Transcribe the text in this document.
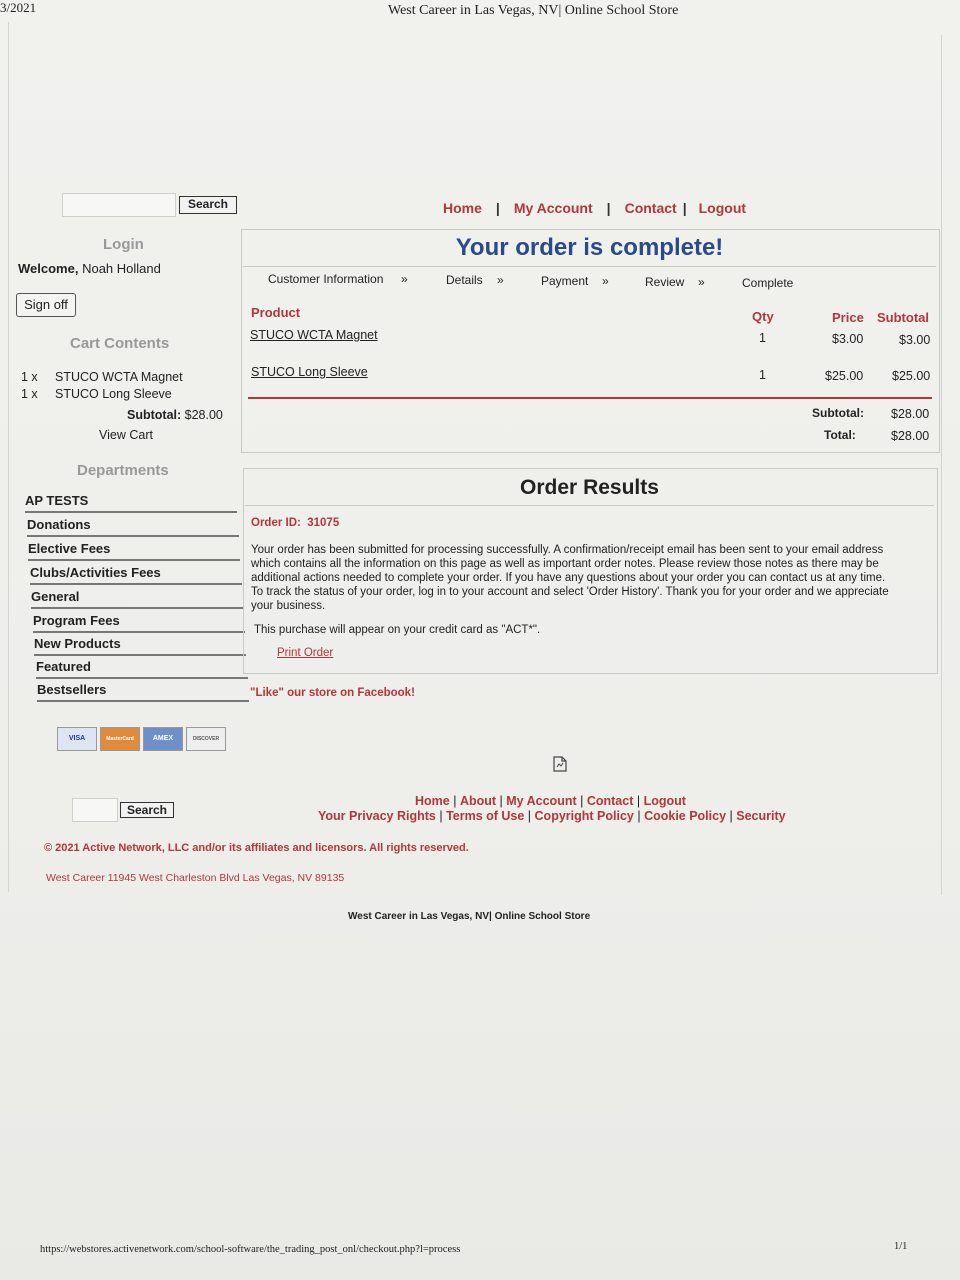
3/2021	West Career in Las Vegas, NV| Online School Store
Search	Home | My Account | Contact | Logout
Login
Welcome, Noah Holland
Sign off
Cart Contents
1 x STUCO WCTA Magnet
1 x STUCO Long Sleeve
Subtotal: $28.00
View Cart
Departments
AP TESTS
Donations
Elective Fees
Clubs/Activities Fees
General
Program Fees
New Products
Featured
Bestsellers
VISA	MasterCard	AMEX	DISCOVER
Your order is complete!
Customer Information »	Details »	Payment »	Review »	Complete
Product	Qty	Price Subtotal
STUCO WCTA Magnet	1	$3.00	$3.00
STUCO Long Sleeve	1	$25.00 $25.00
Subtotal: $28.00
Total:	$28.00
Order Results
Order ID: 31075
Your order has been submitted for processing successfully. A confirmation/receipt email has been sent to your email address
which contains all the information on this page as well as important order notes. Please review those notes as there may be
additional actions needed to complete your order. If you have any questions about your order you can contact us at any time.
To track the status of your order, log in to your account and select 'Order History'. Thank you for your order and we appreciate
your business.
This purchase will appear on your credit card as "ACT*".
Print Order
"Like" our store on Facebook!
Search
Home | About | My Account | Contact | Logout
Your Privacy Rights | Terms of Use | Copyright Policy | Cookie Policy | Security
© 2021 Active Network, LLC and/or its affiliates and licensors. All rights reserved.
West Career 11945 West Charleston Blvd Las Vegas, NV 89135
West Career in Las Vegas, NV| Online School Store
https://webstores.activenetwork.com/school-software/the_trading_post_onl/checkout.php?l=process	1/1
